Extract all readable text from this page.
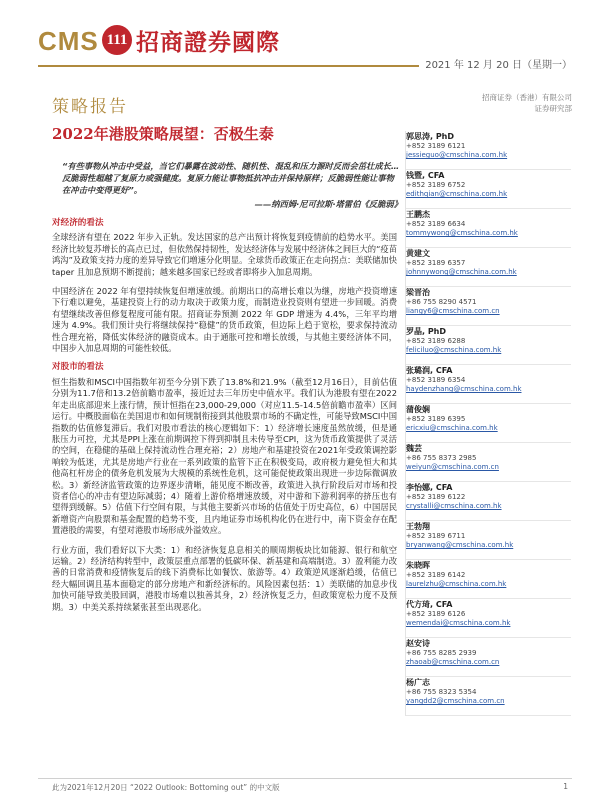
CMS 111 招商證券國際
2021 年 12 月 20 日（星期一）
策略报告	招商证券（香港）有限公司
证券研究部
2022年港股策略展望：否极生泰
“有些事物从冲击中受益，当它们暴露在波动性、随机性、混乱和压力源时反而会茁壮成长…反脆弱性超越了复原力或强健度。复原力能让事物抵抗冲击并保持原样；反脆弱性能让事物在冲击中变得更好”。
——纳西姆·尼可拉斯·塔雷伯《反脆弱》
对经济的看法

全球经济有望在 2022 年步入正轨。发达国家的总产出预计将恢复到疫情前的趋势水平。美国经济比较复苏增长的高点已过，但依然保持韧性，发达经济体与发展中经济体之间巨大的“疫苗鸿沟”及政策支持力度的差异导致它们増速分化明显。全球货币政策正在走向拐点：美联储加快 taper 且加息预期不断提前；越来越多国家已经或者即将步入加息周期。

中国经济在 2022 年有望持续恢复但增速放缓。前期出口的高增长难以为继，房地产投资增速下行难以避免，基建投资上行的动力取决于政策力度，而制造业投资则有望进一步回暖。消费有望继续改善但修复程度可能有限。招商证券预测 2022 年 GDP 增速为 4.4%，三年平均增速为 4.9%。我们预计央行将继续保持“稳健”的货币政策，但边际上趋于宽松，要求保持流动性合理充裕，降低实体经济的融资成本。由于通胀可控和增长放缓，与其他主要经济体不同，中国步入加息周期的可能性较低。

对股市的看法

恒生指数和MSCI中国指数年初至今分别下跌了13.8%和21.9%（截至12月16日），目前估值分别为11.7倍和13.2倍前瞻市盈率，接近过去三年历史中值水平。我们认为港股有望在2022年走出底部迎来上涨行情，预计恒指在23,000-29,000（对应11.5-14.5倍前瞻市盈率）区间运行。中概股面临在美国退市和如何规制衔接到其他股票市场的不确定性，可能导致MSCI中国指数的估值修复滞后。我们对股市看法的核心逻辑如下：1）经济增长速度虽然放缓，但是通胀压力可控，尤其是PPI上涨在前期调控下得到抑制且未传导至CPI，这为货币政策提供了灵活的空间，在稳健的基础上保持流动性合理充裕；2）房地产和基建投资在2021年受政策调控影响较为低迷，尤其是房地产行业在一系列政策的监管下正在积极变局，政府极力避免恒大和其他高杠杆房企的债务危机发展为大规模的系统性危机，这可能促使政策出现进一步边际微调放松。3）新经济监管政策的边界逐步清晰，能见度不断改善，政策进入执行阶段后对市场和投资者信心的冲击有望边际减弱；4）随着上游价格增速放缓，对中游和下游利润率的挤压也有望得到缓解。5）估值下行空间有限，与其他主要新兴市场的估值处于历史高位，6）中国居民新增资产向股票和基金配置的趋势不变，且内地证券市场机构化仍在进行中，南下资金存在配置港股的需要，有望对港股市场形成外溢效应。

行业方面，我们看好以下大类：1）和经济恢复息息相关的顺周期板块比如能源、银行和航空运输。2）经济结构转型中，政策层重点部署的低碳环保、新基建和高端制造。3）盈利能力改善的日常消费和疫情恢复后的线下消费标比如餐饮、旅游等。4）政策逆风逐渐趋缓，估值已经大幅回调且基本面稳定的部分房地产和新经济标的。风险因素包括：1）美联储的加息步伐加快可能导致美股回调，港股市场难以独善其身，2）经济恢复乏力，但政策宽松力度不及预期。3）中美关系持续紧张甚至出现恶化。

郭思涛, PhD
+852 3189 6121
jessieguo@cmschina.com.hk
钱暨, CFA
+852 3189 6752
edithqian@cmschina.com.hk
王鹏杰
+852 3189 6634
tommywong@cmschina.com.hk
黄建文
+852 3189 6357
johnnywong@cmschina.com.hk
梁晋治
+86 755 8290 4571
liangy6@cmschina.com.cn
罗晶, PhD
+852 3189 6288
feliciluo@cmschina.com.hk
张璐润, CFA
+852 3189 6354
haydenzhang@cmschina.com.hk
蒲俊娴
+852 3189 6395
ericxiu@cmschina.com.hk
魏芸
+86 755 8373 2985
weiyun@cmschina.com.cn
李怡娜, CFA
+852 3189 6122
crystalli@cmschina.com.hk
王勃翔
+852 3189 6711
bryanwang@cmschina.com.hk
朱晓晖
+852 3189 6142
laurelzhu@cmschina.com.hk
代方琦, CFA
+852 3189 6126
wemendai@cmschina.com.hk
赵安诗
+86 755 8285 2939
zhaoab@cmschina.com.cn
杨广志
+86 755 8323 5354
yangdd2@cmschina.com.cn
此为2021年12月20日 “2022 Outlook: Bottoming out” 的中文版	1
